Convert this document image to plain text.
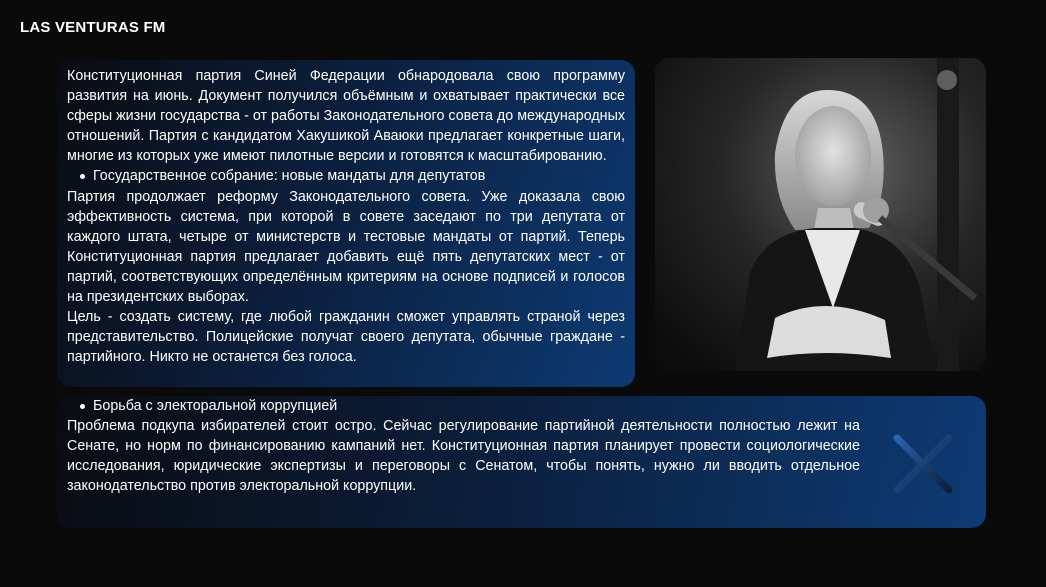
LAS VENTURAS FM

Конституционная партия Синей Федерации обнародовала свою программу развития на июнь. Документ получился объёмным и охватывает практически все сферы жизни государства - от работы Законодательного совета до международных отношений. Партия с кандидатом Хакушикой Аваюки предлагает конкретные шаги, многие из которых уже имеют пилотные версии и готовятся к масштабированию.

Государственное собрание: новые мандаты для депутатов

Партия продолжает реформу Законодательного совета. Уже доказала свою эффективность система, при которой в совете заседают по три депутата от каждого штата, четыре от министерств и тестовые мандаты от партий. Теперь Конституционная партия предлагает добавить ещё пять депутатских мест - от партий, соответствующих определённым критериям на основе подписей и голосов на президентских выборах.

Цель - создать систему, где любой гражданин сможет управлять страной через представительство. Полицейские получат своего депутата, обычные граждане - партийного. Никто не останется без голоса.

Борьба с электоральной коррупцией

Проблема подкупа избирателей стоит остро. Сейчас регулирование партийной деятельности полностью лежит на Сенате, но норм по финансированию кампаний нет. Конституционная партия планирует провести социологические исследования, юридические экспертизы и переговоры с Сенатом, чтобы понять, нужно ли вводить отдельное законодательство против электоральной коррупции.
